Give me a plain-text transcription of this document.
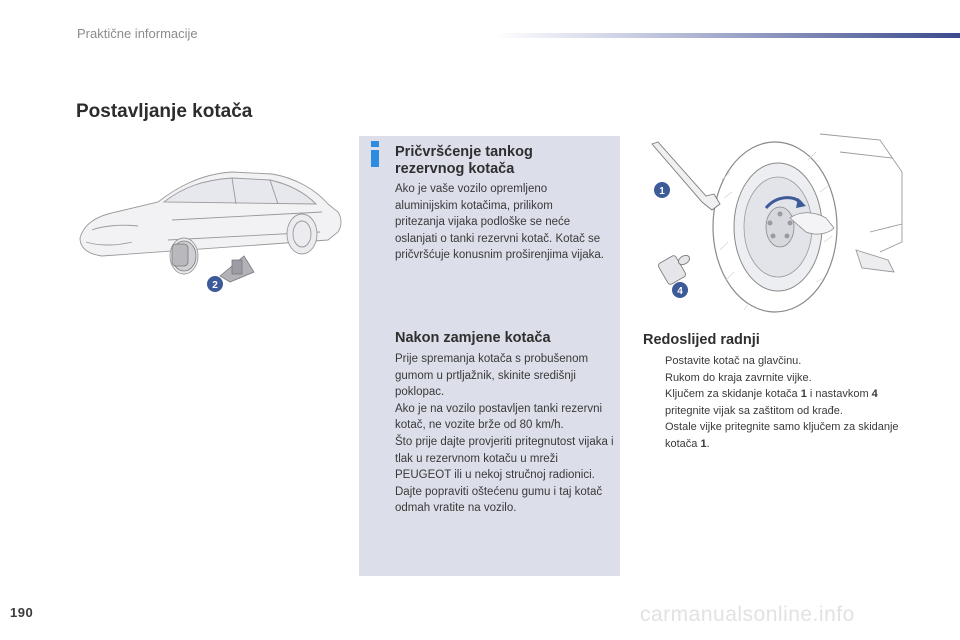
Praktične informacije
Postavljanje kotača
2
Pričvršćenje tankog rezervnog kotača

Ako je vaše vozilo opremljeno aluminijskim kotačima, prilikom pritezanja vijaka podloške se neće oslanjati o tanki rezervni kotač. Kotač se pričvršćuje konusnim proširenjima vijaka.

Nakon zamjene kotača

Prije spremanja kotača s probušenom gumom u prtljažnik, skinite središnji poklopac.

Ako je na vozilo postavljen tanki rezervni kotač, ne vozite brže od 80 km/h.

Što prije dajte provjeriti pritegnutost vijaka i tlak u rezervnom kotaču u mreži PEUGEOT ili u nekoj stručnoj radionici.

Dajte popraviti oštećenu gumu i taj kotač odmah vratite na vozilo.

1
4
Redoslijed radnji
Postavite kotač na glavčinu.
Rukom do kraja zavrnite vijke.
Ključem za skidanje kotača 1 i nastavkom 4 pritegnite vijak sa zaštitom od krađe.
Ostale vijke pritegnite samo ključem za skidanje kotača 1.
190	carmanualsonline.info
